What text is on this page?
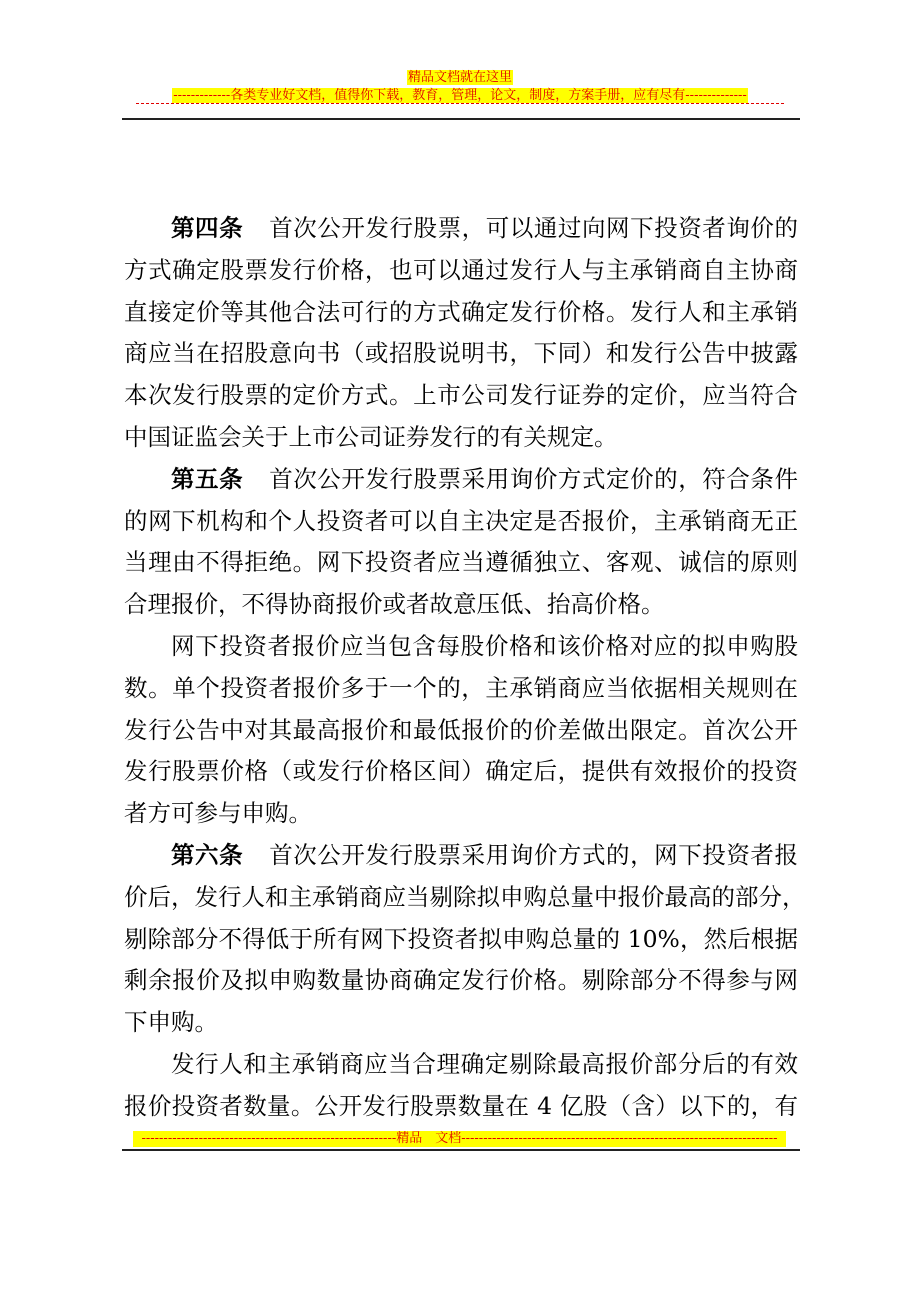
精品文档就在这里
-------------各类专业好文档，值得你下载，教育，管理，论文，制度，方案手册，应有尽有--------------
第四条 首次公开发行股票，可以通过向网下投资者询价的
方式确定股票发行价格，也可以通过发行人与主承销商自主协商
直接定价等其他合法可行的方式确定发行价格。发行人和主承销
商应当在招股意向书（或招股说明书，下同）和发行公告中披露
本次发行股票的定价方式。上市公司发行证券的定价，应当符合
中国证监会关于上市公司证券发行的有关规定。
第五条 首次公开发行股票采用询价方式定价的，符合条件
的网下机构和个人投资者可以自主决定是否报价，主承销商无正
当理由不得拒绝。网下投资者应当遵循独立、客观、诚信的原则
合理报价，不得协商报价或者故意压低、抬高价格。
网下投资者报价应当包含每股价格和该价格对应的拟申购股
数。单个投资者报价多于一个的，主承销商应当依据相关规则在
发行公告中对其最高报价和最低报价的价差做出限定。首次公开
发行股票价格（或发行价格区间）确定后，提供有效报价的投资
者方可参与申购。
第六条 首次公开发行股票采用询价方式的，网下投资者报
价后，发行人和主承销商应当剔除拟申购总量中报价最高的部分，
剔除部分不得低于所有网下投资者拟申购总量的 10%，然后根据
剩余报价及拟申购数量协商确定发行价格。剔除部分不得参与网
下申购。
发行人和主承销商应当合理确定剔除最高报价部分后的有效
报价投资者数量。公开发行股票数量在 4 亿股（含）以下的，有
----------------------------------------------------------精品　文档------------------------------------------------------------------------
